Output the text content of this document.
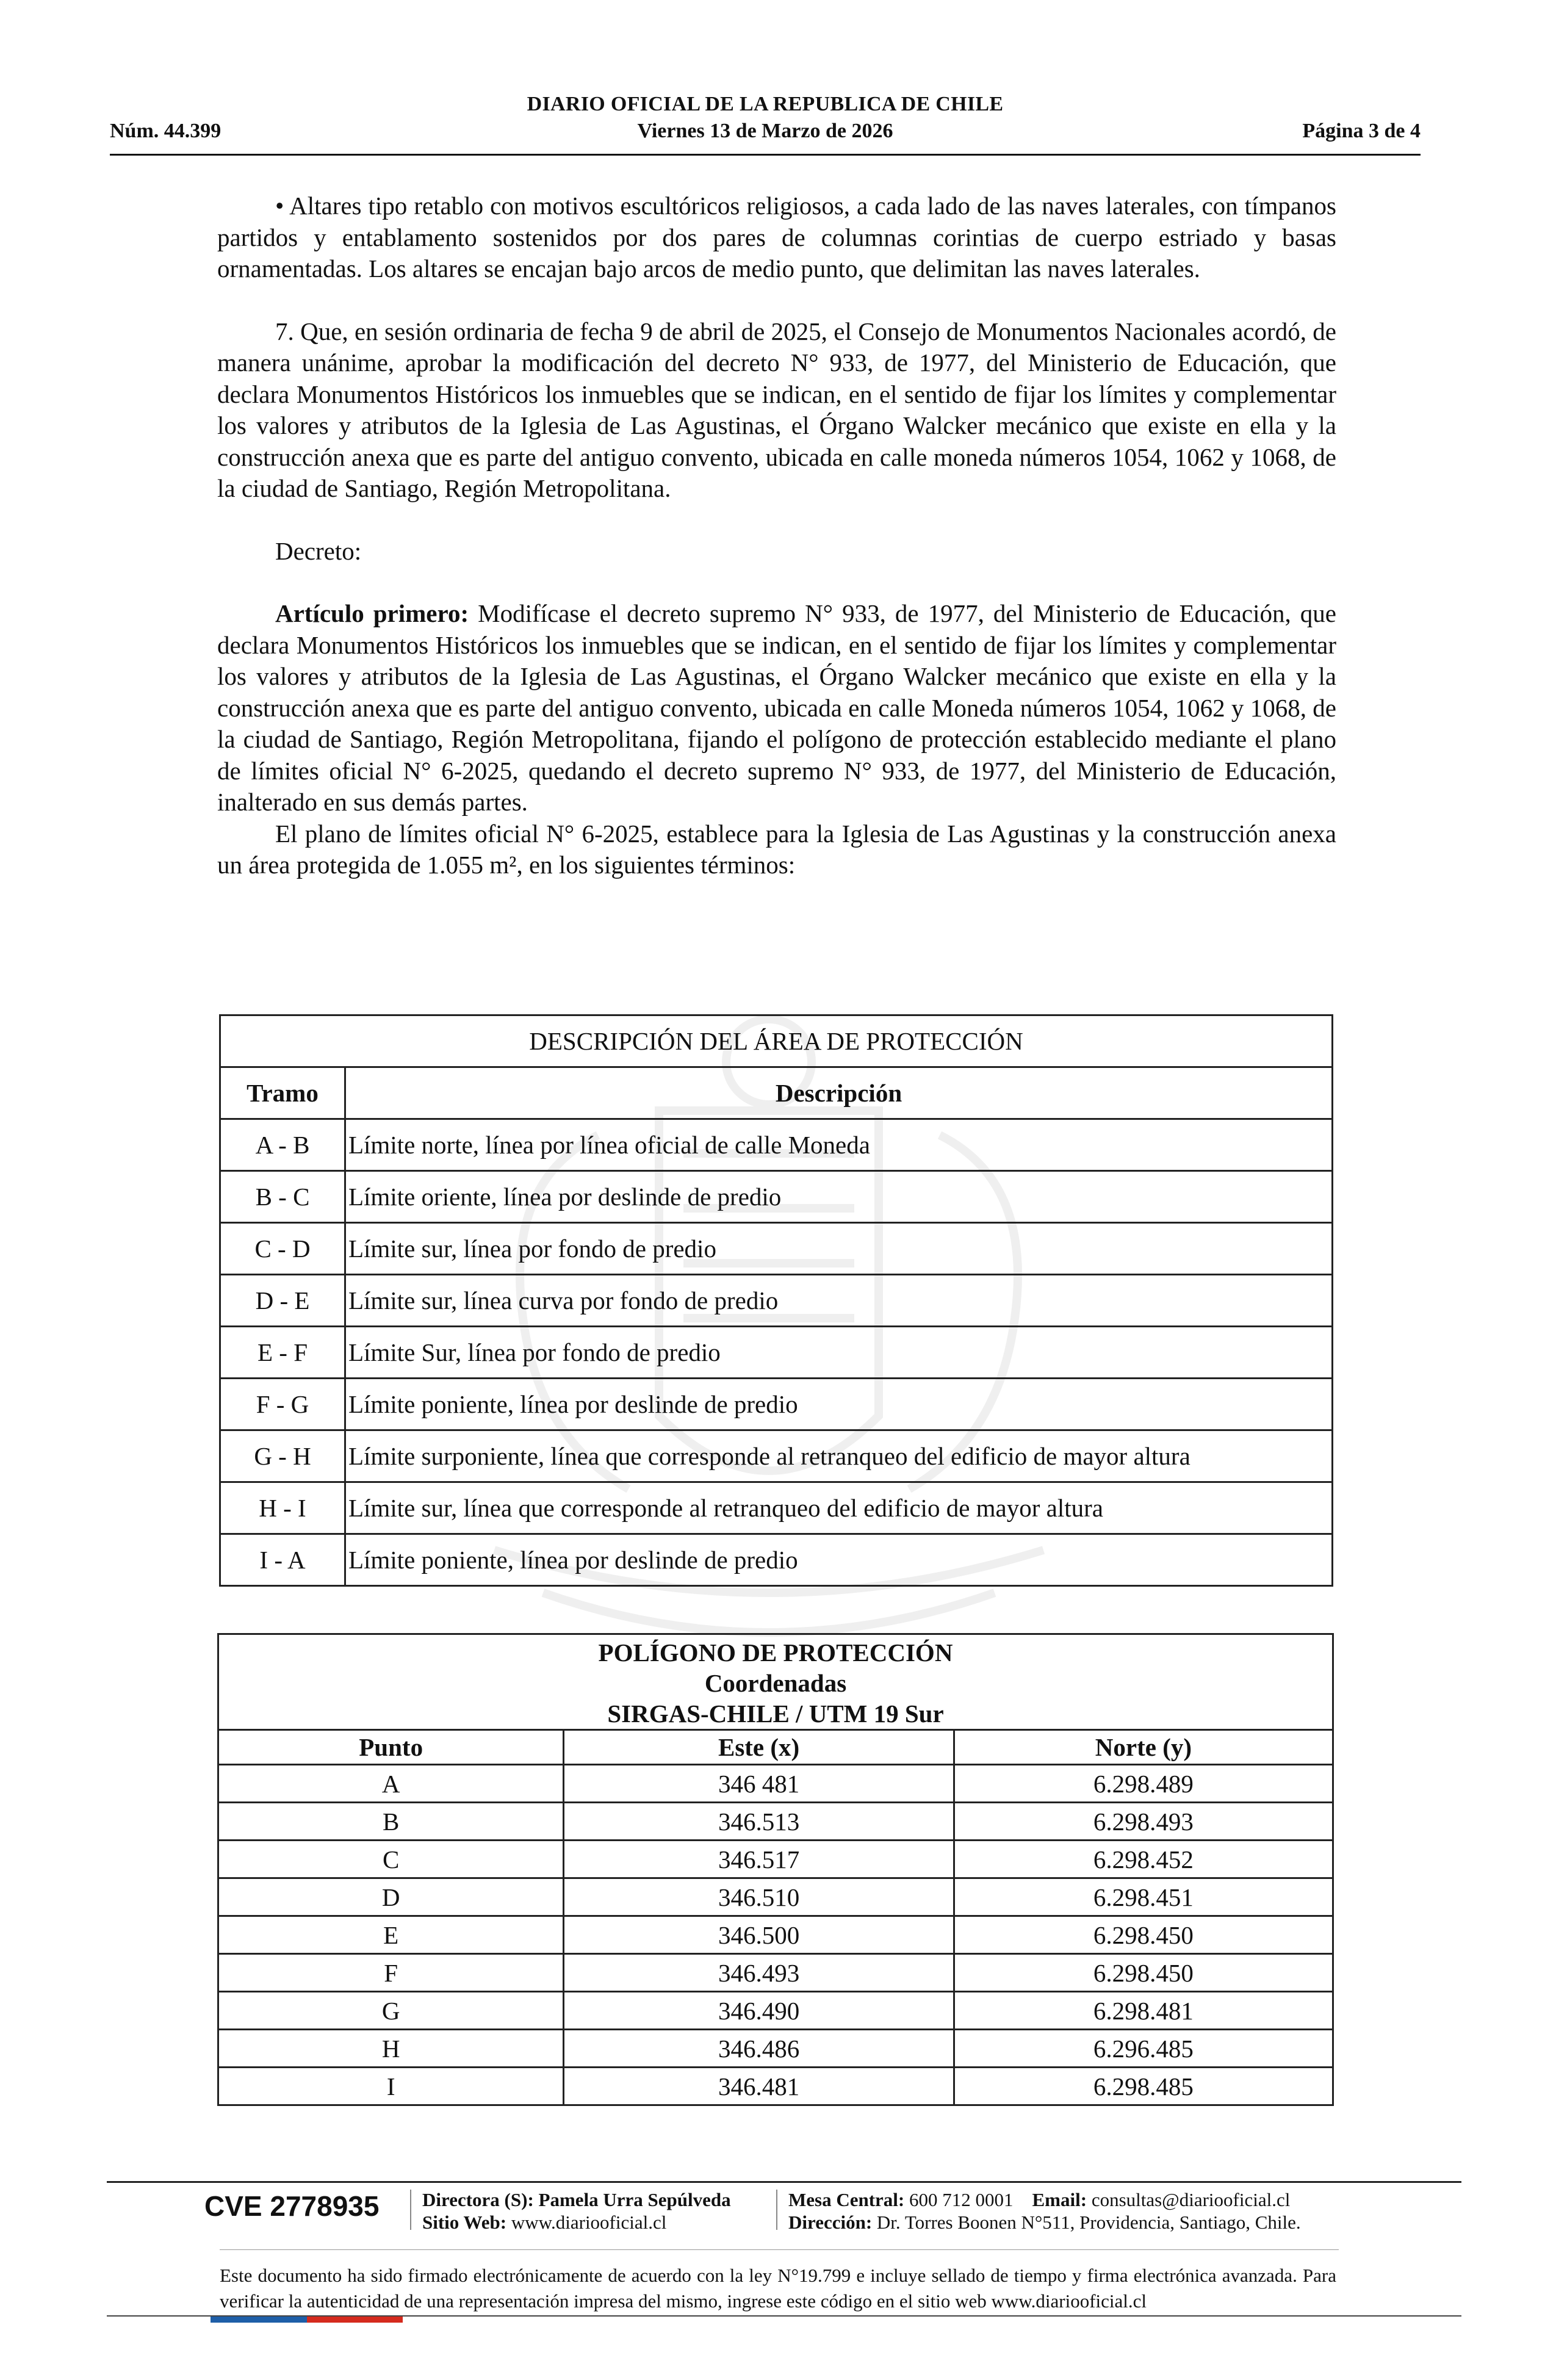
DIARIO OFICIAL DE LA REPUBLICA DE CHILE
Núm. 44.399	Viernes 13 de Marzo de 2026	Página 3 de 4

• Altares tipo retablo con motivos escultóricos religiosos, a cada lado de las naves laterales, con tímpanos partidos y entablamento sostenidos por dos pares de columnas corintias de cuerpo estriado y basas ornamentadas. Los altares se encajan bajo arcos de medio punto, que delimitan las naves laterales.

7. Que, en sesión ordinaria de fecha 9 de abril de 2025, el Consejo de Monumentos Nacionales acordó, de manera unánime, aprobar la modificación del decreto N° 933, de 1977, del Ministerio de Educación, que declara Monumentos Históricos los inmuebles que se indican, en el sentido de fijar los límites y complementar los valores y atributos de la Iglesia de Las Agustinas, el Órgano Walcker mecánico que existe en ella y la construcción anexa que es parte del antiguo convento, ubicada en calle moneda números 1054, 1062 y 1068, de la ciudad de Santiago, Región Metropolitana.

Decreto:

Artículo primero: Modifícase el decreto supremo N° 933, de 1977, del Ministerio de Educación, que declara Monumentos Históricos los inmuebles que se indican, en el sentido de fijar los límites y complementar los valores y atributos de la Iglesia de Las Agustinas, el Órgano Walcker mecánico que existe en ella y la construcción anexa que es parte del antiguo convento, ubicada en calle Moneda números 1054, 1062 y 1068, de la ciudad de Santiago, Región Metropolitana, fijando el polígono de protección establecido mediante el plano de límites oficial N° 6-2025, quedando el decreto supremo N° 933, de 1977, del Ministerio de Educación, inalterado en sus demás partes.

El plano de límites oficial N° 6-2025, establece para la Iglesia de Las Agustinas y la construcción anexa un área protegida de 1.055 m², en los siguientes términos:

DESCRIPCIÓN DEL ÁREA DE PROTECCIÓN	
Tramo	Descripción
A - B	Límite norte, línea por línea oficial de calle Moneda
B - C	Límite oriente, línea por deslinde de predio
C - D	Límite sur, línea por fondo de predio
D - E	Límite sur, línea curva por fondo de predio
E - F	Límite Sur, línea por fondo de predio
F - G	Límite poniente, línea por deslinde de predio
G - H	Límite surponiente, línea que corresponde al retranqueo del edificio de mayor altura
H - I	Límite sur, línea que corresponde al retranqueo del edificio de mayor altura
I - A	Límite poniente, línea por deslinde de predio
POLÍGONO DE PROTECCIÓN
Coordenadas
SIRGAS-CHILE / UTM 19 Sur		

Punto	Este (x)	Norte (y)
A	346 481	6.298.489
B	346.513	6.298.493
C	346.517	6.298.452
D	346.510	6.298.451
E	346.500	6.298.450
F	346.493	6.298.450
G	346.490	6.298.481
H	346.486	6.296.485
I	346.481	6.298.485
CVE 2778935 Directora (S): Pamela Urra Sepúlveda
Sitio Web: www.diariooficial.cl
Mesa Central: 600 712 0001 Email: consultas@diariooficial.cl
Dirección: Dr. Torres Boonen N°511, Providencia, Santiago, Chile.
Este documento ha sido firmado electrónicamente de acuerdo con la ley N°19.799 e incluye sellado de tiempo y firma electrónica avanzada. Para verificar la autenticidad de una representación impresa del mismo, ingrese este código en el sitio web www.diariooficial.cl
